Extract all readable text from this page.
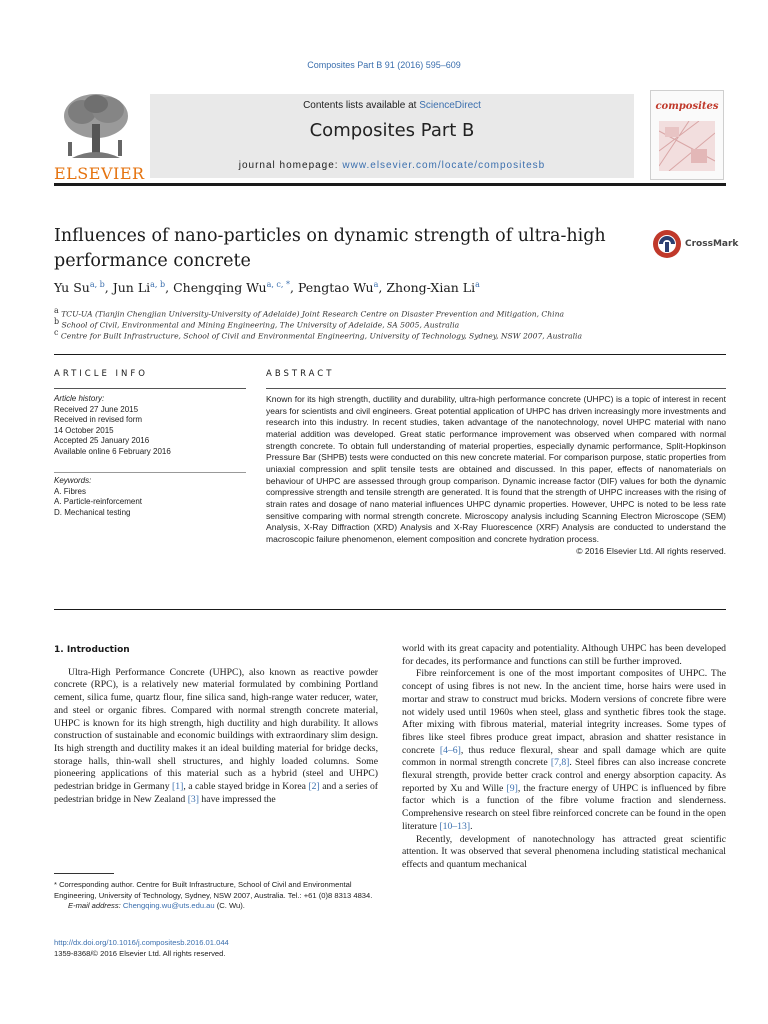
Composites Part B 91 (2016) 595–609
ELSEVIER
Contents lists available at ScienceDirect
Composites Part B
journal homepage: www.elsevier.com/locate/compositesb
composites
Influences of nano-particles on dynamic strength of ultra-high performance concrete
CrossMark
Yu Su$^{a, b}$, Jun Li$^{a, b}$, Chengqing $Wu^{a, c, *}$, Pengtao Wu$^a$, Zhong-Xian Li$^a$
$^a$ TCU-UA (Tianjin Chengjian University-University of Adelaide) Joint Research Centre on Disaster Prevention and Mitigation, China
$^b$ School of Civil, Environmental and Mining Engineering, The University of Adelaide, SA 5005, Australia
$^c$ Centre for Built Infrastructure, School of Civil and Environmental Engineering, University of Technology, Sydney, NSW 2007, Australia
ARTICLE INFO	ABSTRACT
Article history:
Received 27 June 2015
Received in revised form
14 October 2015
Accepted 25 January 2016
Available online 6 February 2016
Keywords:
A. Fibres
A. Particle-reinforcement
D. Mechanical testing
Known for its high strength, ductility and durability, ultra-high performance concrete (UHPC) is a topic of interest in recent years for scientists and civil engineers. Great potential application of UHPC has driven increasingly more investments and research into this industry. In recent studies, taken advantage of the nanotechnology, novel UHPC material with nano material addition was developed. Great static performance improvement was observed when compared with normal strength concrete. To obtain full understanding of material properties, especially dynamic performance, Split-Hopkinson Pressure Bar (SHPB) tests were conducted on this new concrete material. For comparison purpose, static properties from uniaxial compression and split tensile tests are obtained and discussed. In this paper, effects of nanomaterials on behaviour of UHPC are assessed through group comparison. Dynamic increase factor (DIF) values for both the dynamic compressive strength and tensile strength are generated. It is found that the strength of UHPC increases with the rising of strain rates and dosage of nano material influences UHPC dynamic properties. However, UHPC is noted to be less rate sensitive comparing with normal strength concrete. Microscopy analysis including Scanning Electron Microscope (SEM) Analysis, X-Ray Diffraction (XRD) Analysis and X-Ray Fluorescence (XRF) Analysis are conducted to understand the macroscopic failure phenomenon, element composition and concrete hydration process.
© 2016 Elsevier Ltd. All rights reserved.

1. Introduction

Ultra-High Performance Concrete (UHPC), also known as reactive powder concrete (RPC), is a relatively new material formulated by combining Portland cement, silica fume, quartz flour, fine silica sand, high-range water reducer, water, and steel or organic fibres. Compared with normal strength concrete material, UHPC is known for its high strength, high ductility and high durability. It allows construction of sustainable and economic buildings with extraordinary slim design. Its high strength and ductility makes it an ideal building material for bridge decks, storage halls, thin-wall shell structures, and highly loaded columns. Some pioneering applications of this material such as a hybrid (steel and UHPC) pedestrian bridge in Germany [1], a cable stayed bridge in Korea [2] and a series of pedestrian bridge in New Zealand [3] have impressed the

world with its great capacity and potentiality. Although UHPC has been developed for decades, its performance and functions can still be further improved.

Fibre reinforcement is one of the most important composites of UHPC. The concept of using fibres is not new. In the ancient time, horse hairs were used in mortar and straw to construct mud bricks. Modern versions of concrete fibre were not widely used until 1960s when steel, glass and synthetic fibres took the stage. After mixing with fibrous material, material integrity increases. Some types of fibres like steel fibres produce great impact, abrasion and shatter resistance in concrete [4–6], thus reduce flexural, shear and spall damage which are quite common in normal strength concrete [7,8]. Steel fibres can also increase concrete flexural strength, provide better crack control and energy absorption capacity. As reported by Xu and Wille [9], the fracture energy of UHPC is influenced by fibre factor which is a function of the fibre volume fraction and slenderness. Comprehensive research on steel fibre reinforced concrete can be found in the open literature [10–13].

Recently, development of nanotechnology has attracted great scientific attention. It was observed that several phenomena including statistical mechanical effects and quantum mechanical

* Corresponding author. Centre for Built Infrastructure, School of Civil and Environmental Engineering, University of Technology, Sydney, NSW 2007, Australia. Tel.: +61 (0)8 8313 4834.
E-mail address: Chengqing.wu@uts.edu.au (C. Wu).
http://dx.doi.org/10.1016/j.compositesb.2016.01.044
1359-8368/© 2016 Elsevier Ltd. All rights reserved.
